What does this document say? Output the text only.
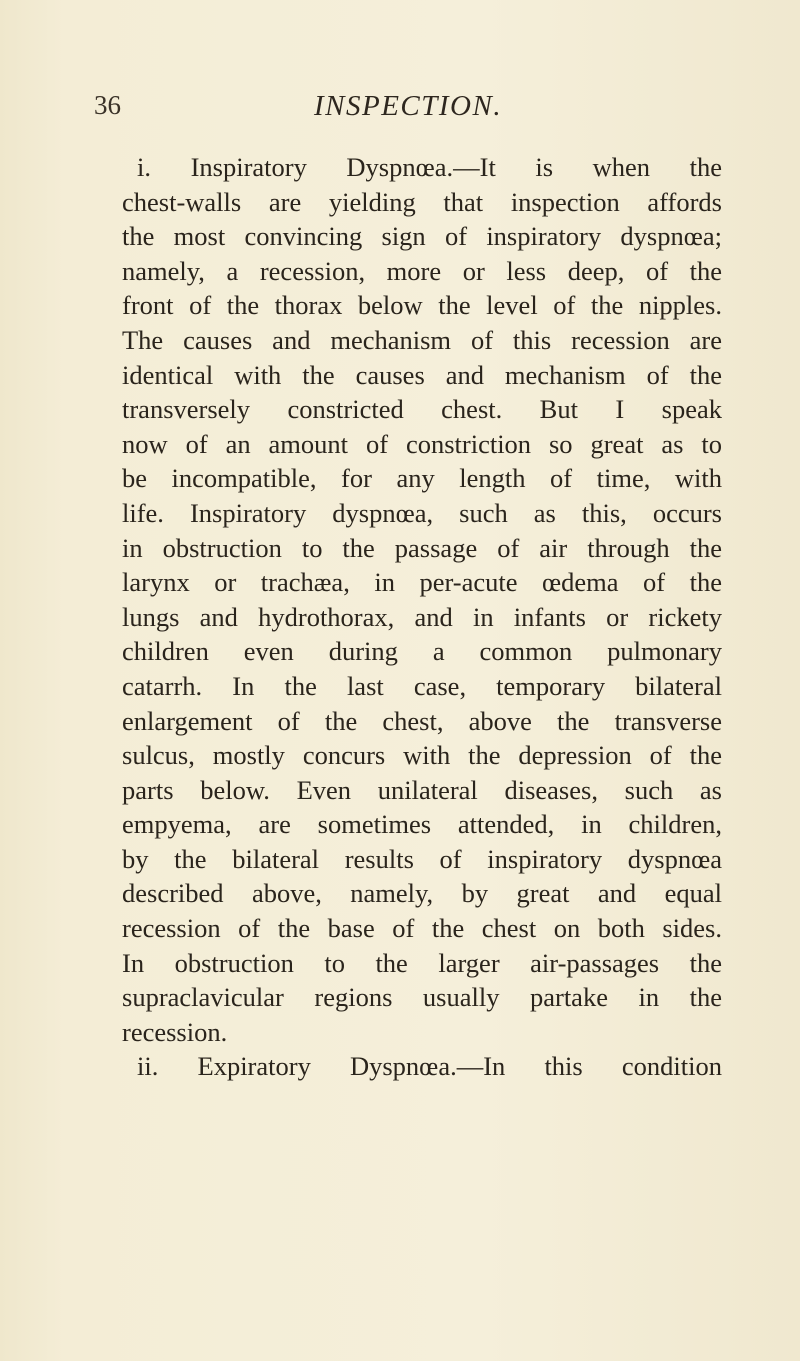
36	INSPECTION.
i. Inspiratory Dyspnœa.—It is when the
chest-walls are yielding that inspection affords
the most convincing sign of inspiratory dyspnœa;
namely, a recession, more or less deep, of the
front of the thorax below the level of the nipples.
The causes and mechanism of this recession are
identical with the causes and mechanism of the
transversely constricted chest. But I speak
now of an amount of constriction so great as to
be incompatible, for any length of time, with
life. Inspiratory dyspnœa, such as this, occurs
in obstruction to the passage of air through the
larynx or trachæa, in per-acute œdema of the
lungs and hydrothorax, and in infants or rickety
children even during a common pulmonary
catarrh. In the last case, temporary bilateral
enlargement of the chest, above the transverse
sulcus, mostly concurs with the depression of the
parts below. Even unilateral diseases, such as
empyema, are sometimes attended, in children,
by the bilateral results of inspiratory dyspnœa
described above, namely, by great and equal
recession of the base of the chest on both sides.
In obstruction to the larger air-passages the
supraclavicular regions usually partake in the
recession.
ii. Expiratory Dyspnœa.—In this condition
